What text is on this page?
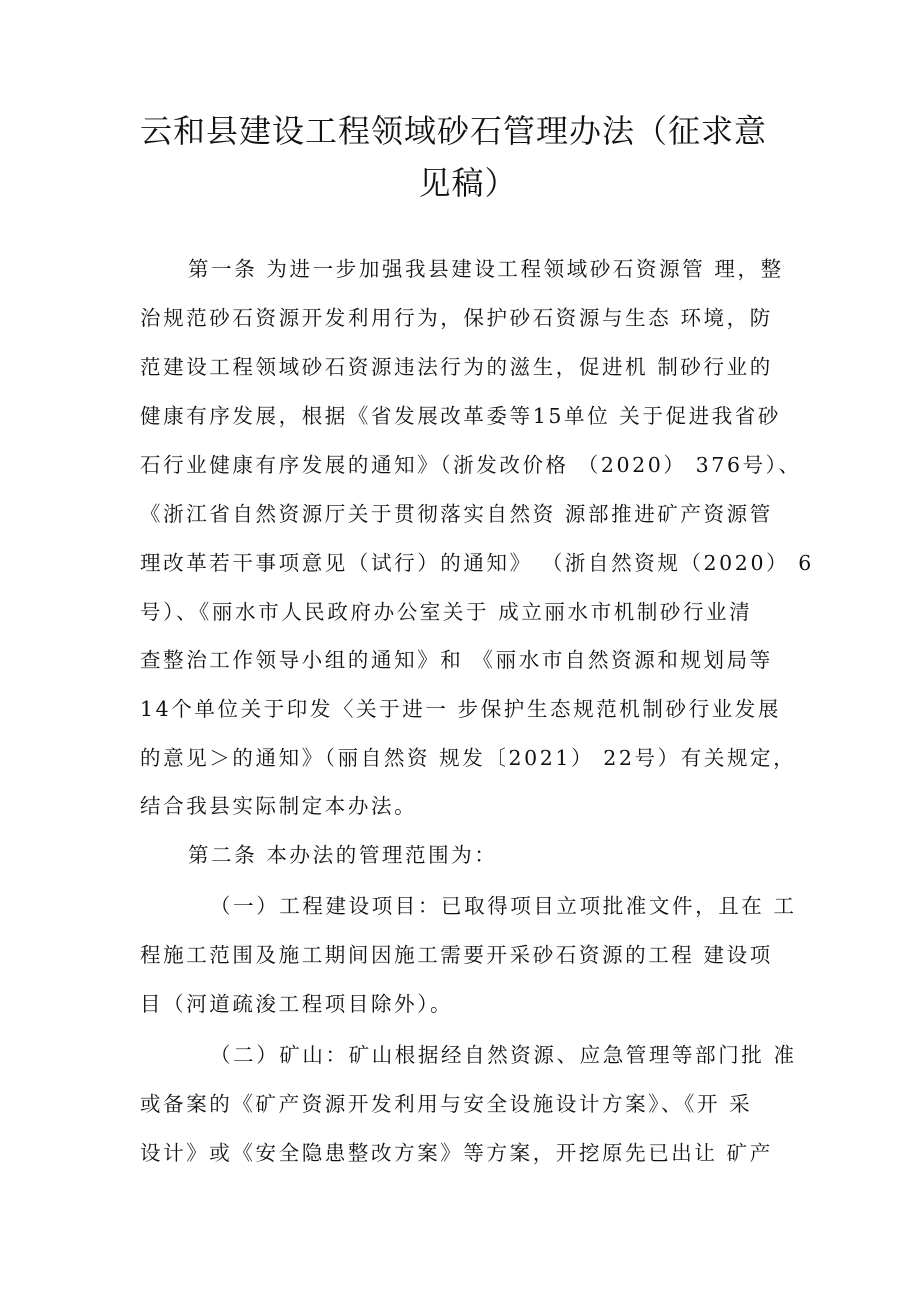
云和县建设工程领域砂石管理办法（征求意
见稿）

第一条 为进一步加强我县建设工程领域砂石资源管 理，整

治规范砂石资源开发利用行为，保护砂石资源与生态 环境，防

范建设工程领域砂石资源违法行为的滋生，促进机 制砂行业的

健康有序发展，根据《省发展改革委等15单位 关于促进我省砂

石行业健康有序发展的通知》（浙发改价格 （2020） 376号）、

《浙江省自然资源厅关于贯彻落实自然资 源部推进矿产资源管

理改革若干事项意见（试行）的通知》 （浙自然资规（2020） 6

号）、《丽水市人民政府办公室关于 成立丽水市机制砂行业清

查整治工作领导小组的通知》和 《丽水市自然资源和规划局等

14个单位关于印发〈关于进一 步保护生态规范机制砂行业发展

的意见＞的通知》（丽自然资 规发〔2021） 22号）有关规定，

结合我县实际制定本办法。

第二条 本办法的管理范围为：

（一）工程建设项目：已取得项目立项批准文件，且在 工

程施工范围及施工期间因施工需要开采砂石资源的工程 建设项

目（河道疏浚工程项目除外）。

（二）矿山：矿山根据经自然资源、应急管理等部门批 准

或备案的《矿产资源开发利用与安全设施设计方案》、《开 采

设计》或《安全隐患整改方案》等方案，开挖原先已出让 矿产
